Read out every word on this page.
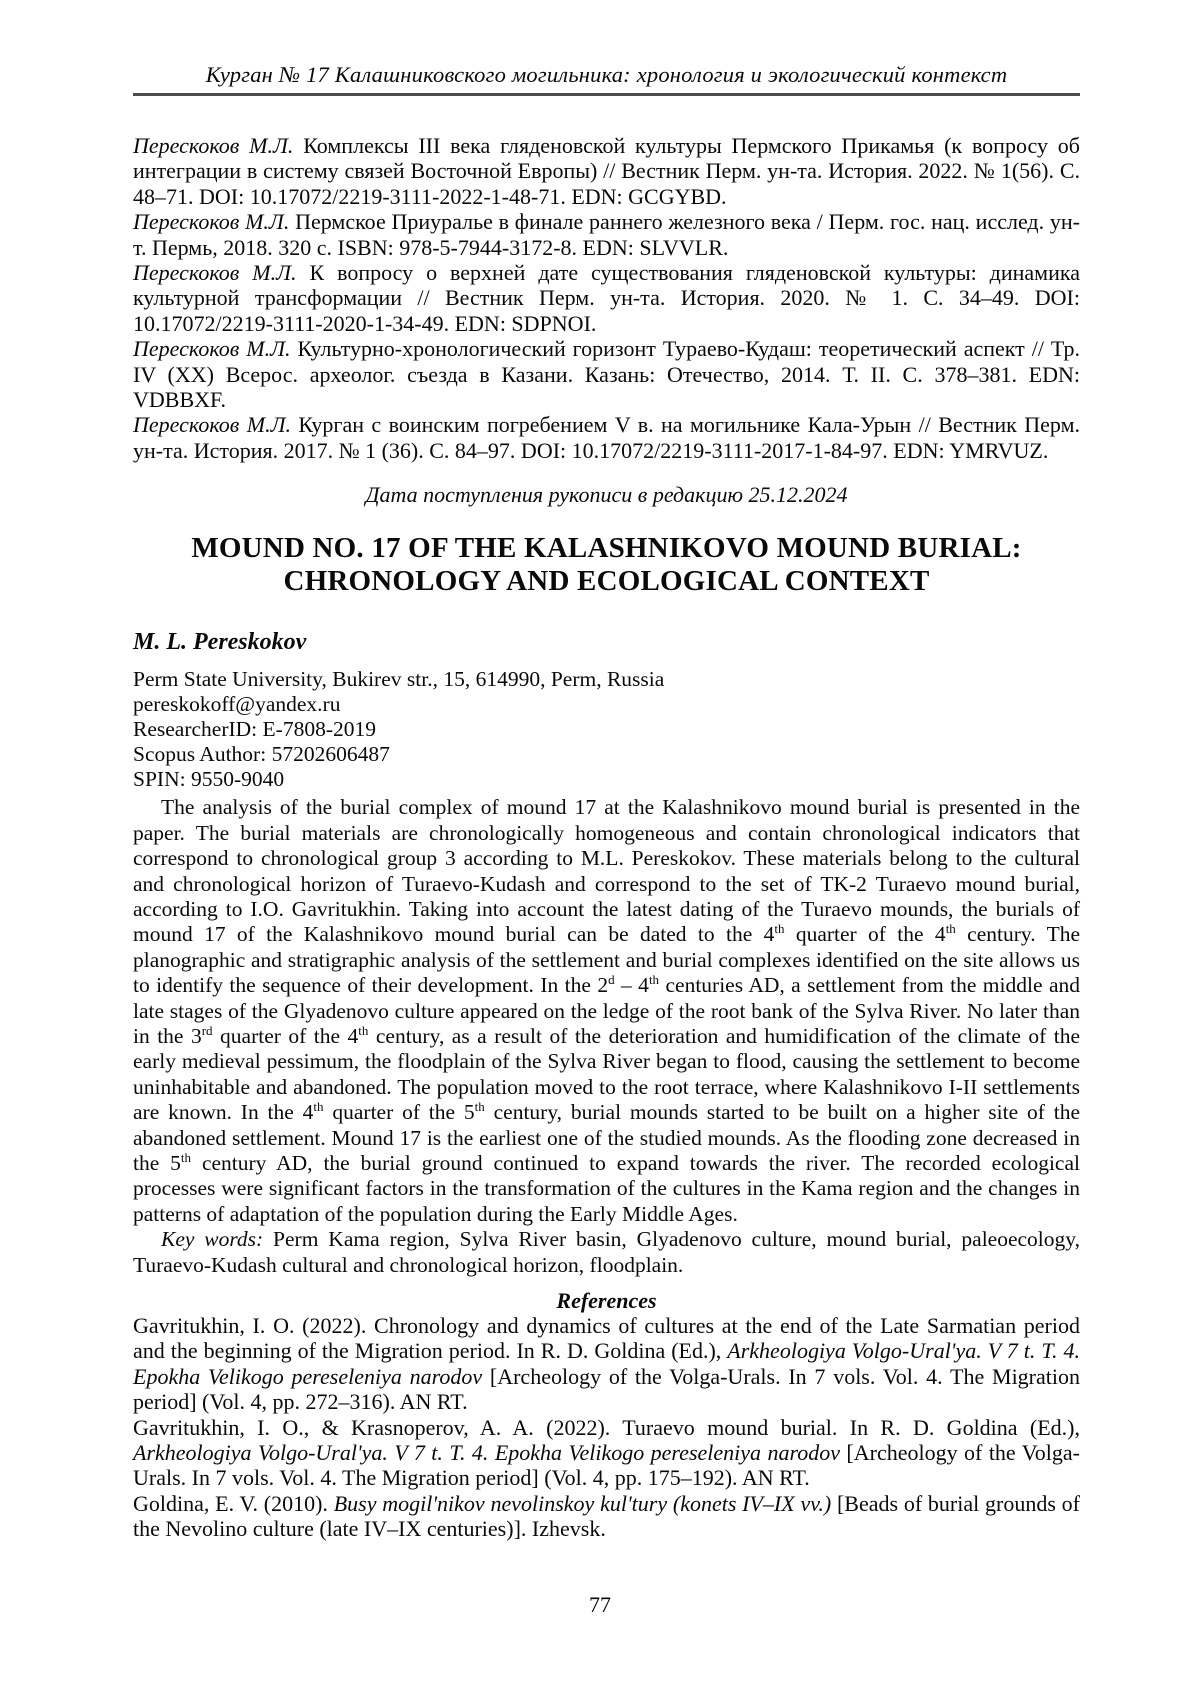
Курган № 17 Калашниковского могильника: хронология и экологический контекст

Перескоков М.Л. Комплексы III века гляденовской культуры Пермского Прикамья (к вопросу об интеграции в систему связей Восточной Европы) // Вестник Перм. ун-та. История. 2022. № 1(56). С. 48–71. DOI: 10.17072/2219-3111-2022-1-48-71. EDN: GCGYBD.

Перескоков М.Л. Пермское Приуралье в финале раннего железного века / Перм. гос. нац. исслед. ун-т. Пермь, 2018. 320 с. ISBN: 978-5-7944-3172-8. EDN: SLVVLR.

Перескоков М.Л. К вопросу о верхней дате существования гляденовской культуры: динамика культурной трансформации // Вестник Перм. ун-та. История. 2020. № 1. С. 34–49. DOI: 10.17072/2219-3111-2020-1-34-49. EDN: SDPNOI.

Перескоков М.Л. Культурно-хронологический горизонт Тураево-Кудаш: теоретический аспект // Тр. IV (XX) Всерос. археолог. съезда в Казани. Казань: Отечество, 2014. Т. II. С. 378–381. EDN: VDBBXF.

Перескоков М.Л. Курган с воинским погребением V в. на могильнике Кала-Урын // Вестник Перм. ун-та. История. 2017. № 1 (36). С. 84–97. DOI: 10.17072/2219-3111-2017-1-84-97. EDN: YMRVUZ.

Дата поступления рукописи в редакцию 25.12.2024

MOUND NO. 17 OF THE KALASHNIKOVO MOUND BURIAL:
CHRONOLOGY AND ECOLOGICAL CONTEXT

M. L. Pereskokov

Perm State University, Bukirev str., 15, 614990, Perm, Russia

pereskokoff@yandex.ru

ResearcherID: E-7808-2019

Scopus Author: 57202606487

SPIN: 9550-9040

The analysis of the burial complex of mound 17 at the Kalashnikovo mound burial is presented in the paper. The burial materials are chronologically homogeneous and contain chronological indicators that correspond to chronological group 3 according to M.L. Pereskokov. These materials belong to the cultural and chronological horizon of Turaevo-Kudash and correspond to the set of TK-2 Turaevo mound burial, according to I.O. Gavritukhin. Taking into account the latest dating of the Turaevo mounds, the burials of mound 17 of the Kalashnikovo mound burial can be dated to the 4th quarter of the 4th century. The planographic and stratigraphic analysis of the settlement and burial complexes identified on the site allows us to identify the sequence of their development. In the 2$^d$ – 4th centuries AD, a settlement from the middle and late stages of the Glyadenovo culture appeared on the ledge of the root bank of the Sylva River. No later than in the 3rd quarter of the 4th century, as a result of the deterioration and humidification of the climate of the early medieval pessimum, the floodplain of the Sylva River began to flood, causing the settlement to become uninhabitable and abandoned. The population moved to the root terrace, where Kalashnikovo I-II settlements are known. In the 4th quarter of the 5th century, burial mounds started to be built on a higher site of the abandoned settlement. Mound 17 is the earliest one of the studied mounds. As the flooding zone decreased in the 5th century AD, the burial ground continued to expand towards the river. The recorded ecological processes were significant factors in the transformation of the cultures in the Kama region and the changes in patterns of adaptation of the population during the Early Middle Ages.

Key words: Perm Kama region, Sylva River basin, Glyadenovo culture, mound burial, paleoecology, Turaevo-Kudash cultural and chronological horizon, floodplain.

References

Gavritukhin, I. O. (2022). Chronology and dynamics of cultures at the end of the Late Sarmatian period and the beginning of the Migration period. In R. D. Goldina (Ed.), Arkheologiya Volgo-Ural'ya. V 7 t. T. 4. Epokha Velikogo pereseleniya narodov [Archeology of the Volga-Urals. In 7 vols. Vol. 4. The Migration period] (Vol. 4, pp. 272–316). AN RT.

Gavritukhin, I. O., & Krasnoperov, A. A. (2022). Turaevo mound burial. In R. D. Goldina (Ed.), Arkheologiya Volgo-Ural'ya. V 7 t. T. 4. Epokha Velikogo pereseleniya narodov [Archeology of the Volga-Urals. In 7 vols. Vol. 4. The Migration period] (Vol. 4, pp. 175–192). AN RT.

Goldina, E. V. (2010). Busy mogil'nikov nevolinskoy kul'tury (konets IV–IX vv.) [Beads of burial grounds of the Nevolino culture (late IV–IX centuries)]. Izhevsk.

77
